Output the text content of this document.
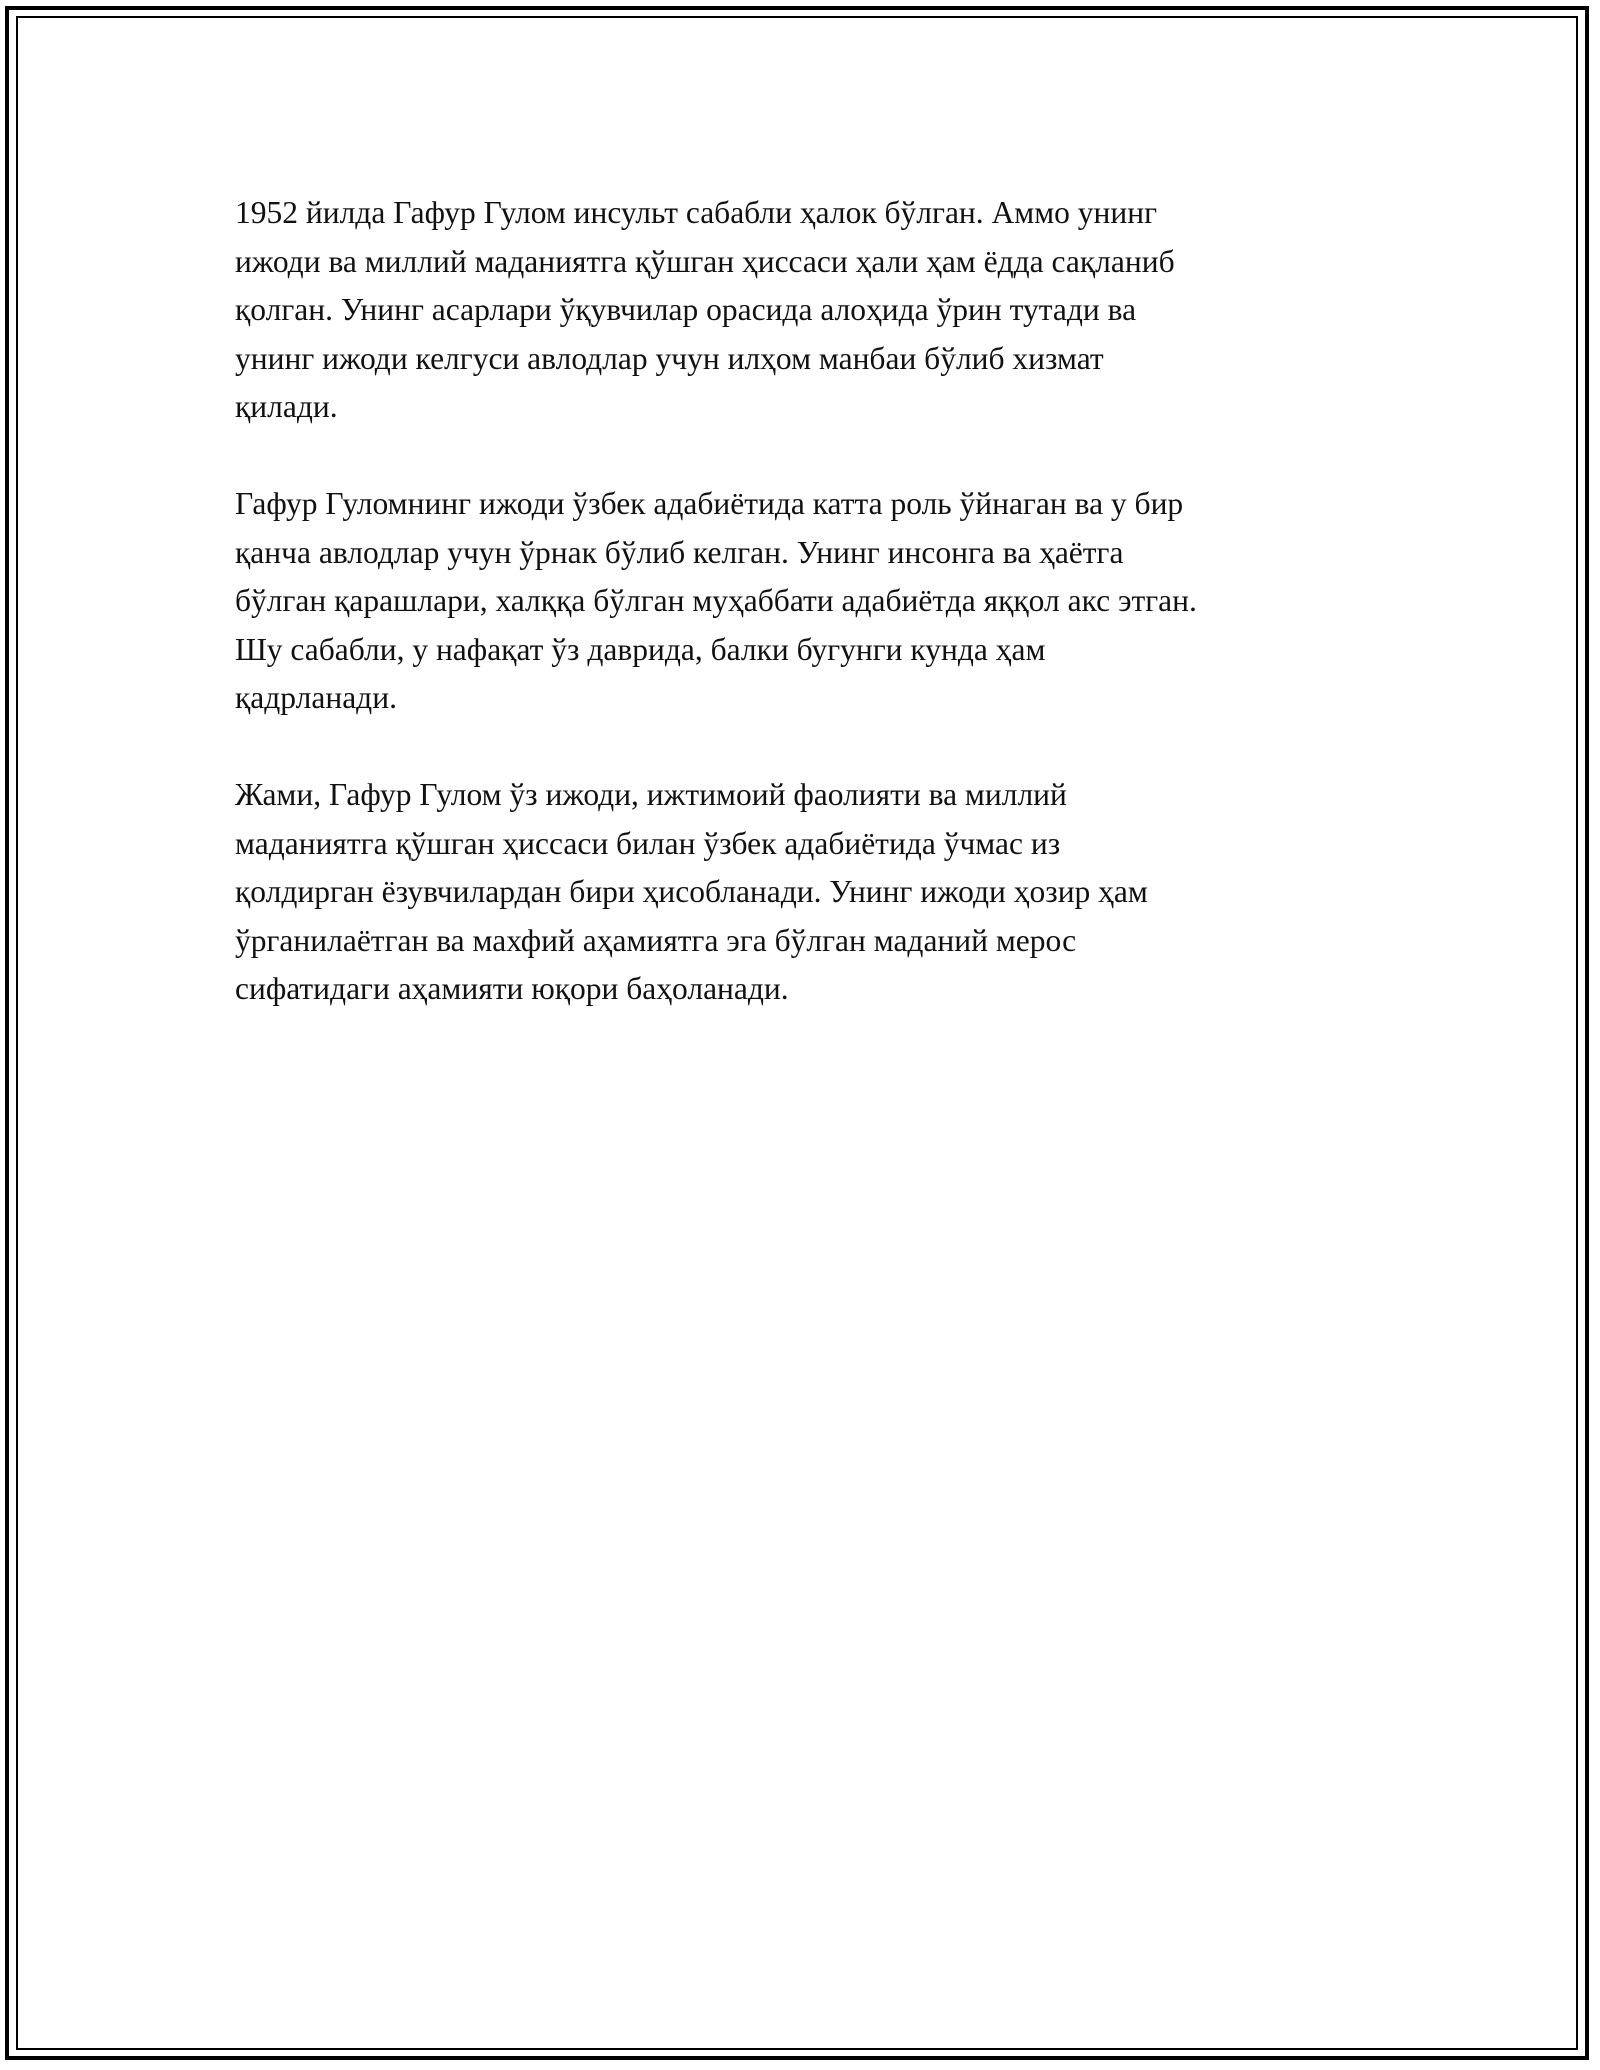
1952 йилда Гафур Гулом инсульт сабабли ҳалок бўлган. Аммо унинг
ижоди ва миллий маданиятга қўшган ҳиссаси ҳали ҳам ёдда сақланиб
қолган. Унинг асарлари ўқувчилар орасида алоҳида ўрин тутади ва
унинг ижоди келгуси авлодлар учун илҳом манбаи бўлиб хизмат
қилади.

Гафур Гуломнинг ижоди ўзбек адабиётида катта роль ўйнаган ва у бир
қанча авлодлар учун ўрнак бўлиб келган. Унинг инсонга ва ҳаётга
бўлган қарашлари, халққа бўлган муҳаббати адабиётда яққол акс этган.
Шу сабабли, у нафақат ўз даврида, балки бугунги кунда ҳам
қадрланади.

Жами, Гафур Гулом ўз ижоди, ижтимоий фаолияти ва миллий
маданиятга қўшган ҳиссаси билан ўзбек адабиётида ўчмас из
қолдирган ёзувчилардан бири ҳисобланади. Унинг ижоди ҳозир ҳам
ўрганилаётган ва махфий аҳамиятга эга бўлган маданий мерос
сифатидаги аҳамияти юқори баҳоланади.
